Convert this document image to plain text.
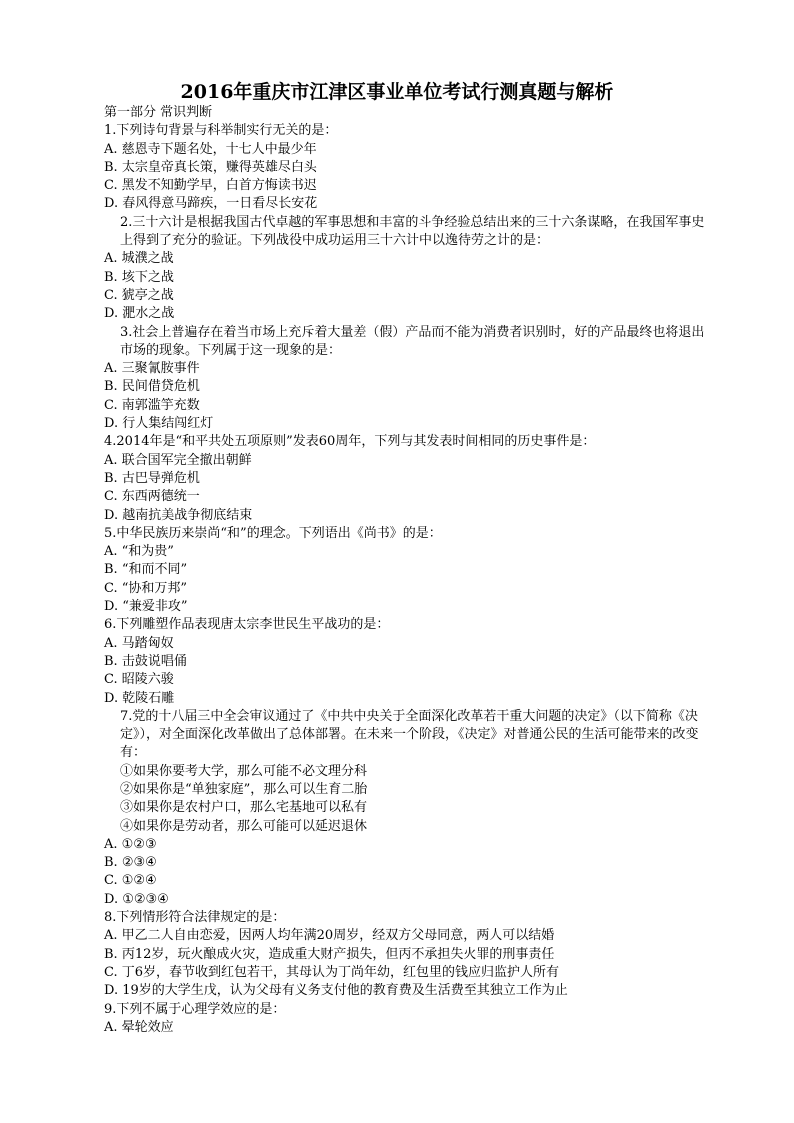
2016年重庆市江津区事业单位考试行测真题与解析
第一部分 常识判断
1.下列诗句背景与科举制实行无关的是：
A. 慈恩寺下题名处，十七人中最少年
B. 太宗皇帝真长策，赚得英雄尽白头
C. 黑发不知勤学早，白首方悔读书迟
D. 春风得意马蹄疾，一日看尽长安花
2.三十六计是根据我国古代卓越的军事思想和丰富的斗争经验总结出来的三十六条谋略，在我国军事史上得到了充分的验证。下列战役中成功运用三十六计中以逸待劳之计的是：
A. 城濮之战
B. 垓下之战
C. 猇亭之战
D. 淝水之战
3.社会上普遍存在着当市场上充斥着大量差（假）产品而不能为消费者识别时，好的产品最终也将退出市场的现象。下列属于这一现象的是：
A. 三聚氰胺事件
B. 民间借贷危机
C. 南郭滥竽充数
D. 行人集结闯红灯
4.2014年是“和平共处五项原则”发表60周年，下列与其发表时间相同的历史事件是：
A. 联合国军完全撤出朝鲜
B. 古巴导弹危机
C. 东西两德统一
D. 越南抗美战争彻底结束
5.中华民族历来崇尚“和”的理念。下列语出《尚书》的是：
A. “和为贵”
B. “和而不同”
C. “协和万邦”
D. “兼爱非攻”
6.下列雕塑作品表现唐太宗李世民生平战功的是：
A. 马踏匈奴
B. 击鼓说唱俑
C. 昭陵六骏
D. 乾陵石雕
7.党的十八届三中全会审议通过了《中共中央关于全面深化改革若干重大问题的决定》（以下简称《决定》），对全面深化改革做出了总体部署。在未来一个阶段，《决定》对普通公民的生活可能带来的改变有：
①如果你要考大学，那么可能不必文理分科
②如果你是“单独家庭”，那么可以生育二胎
③如果你是农村户口，那么宅基地可以私有
④如果你是劳动者，那么可能可以延迟退休
A. ①②③
B. ②③④
C. ①②④
D. ①②③④
8.下列情形符合法律规定的是：
A. 甲乙二人自由恋爱，因两人均年满20周岁，经双方父母同意，两人可以结婚
B. 丙12岁，玩火酿成火灾，造成重大财产损失，但丙不承担失火罪的刑事责任
C. 丁6岁，春节收到红包若干，其母认为丁尚年幼，红包里的钱应归监护人所有
D. 19岁的大学生戊，认为父母有义务支付他的教育费及生活费至其独立工作为止
9.下列不属于心理学效应的是：
A. 晕轮效应
